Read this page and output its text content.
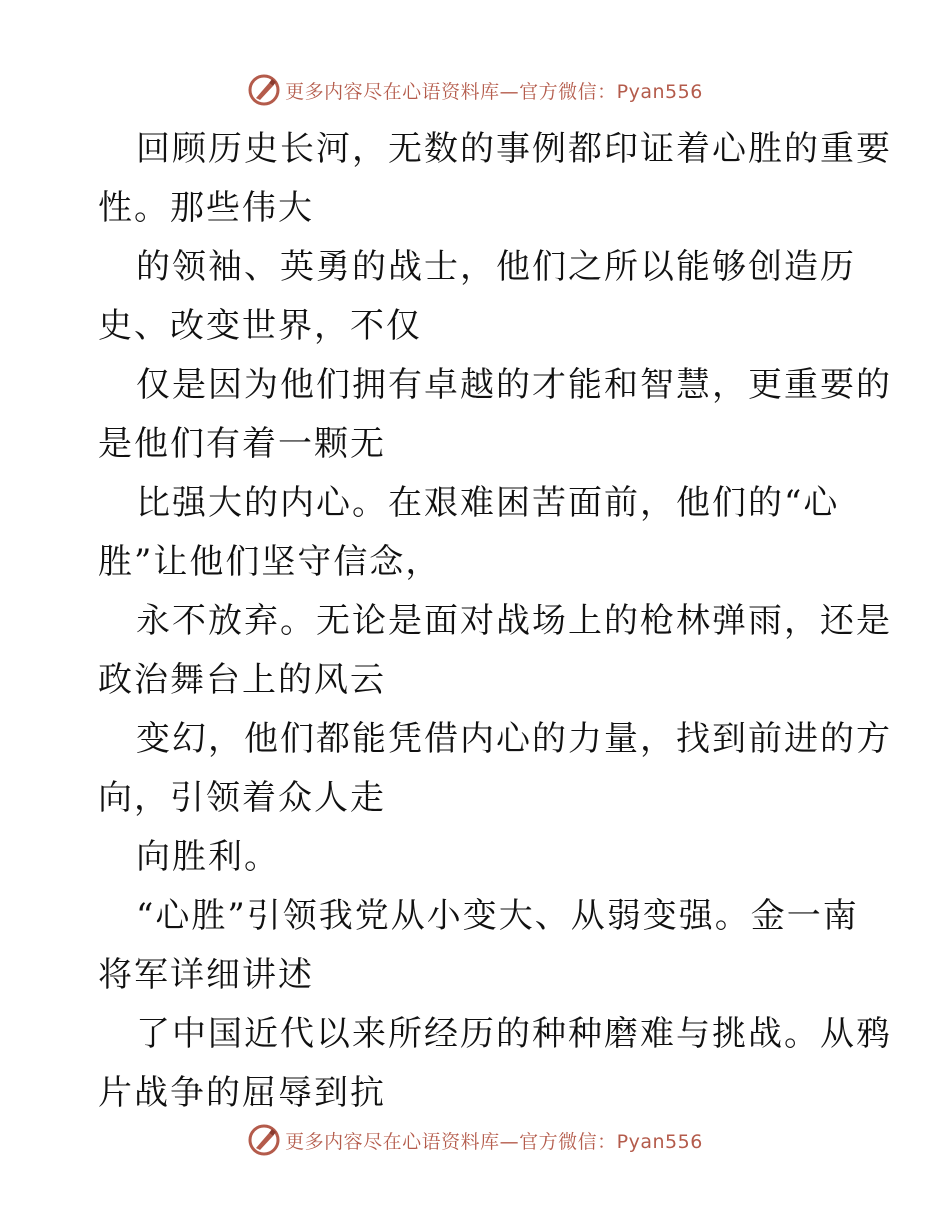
更多内容尽在心语资料库—官方微信：Pyan556

回顾历史长河，无数的事例都印证着心胜的重要
性。那些伟大

的领袖、英勇的战士，他们之所以能够创造历
史、改变世界，不仅

仅是因为他们拥有卓越的才能和智慧，更重要的
是他们有着一颗无

比强大的内心。在艰难困苦面前，他们的“心
胜”让他们坚守信念，

永不放弃。无论是面对战场上的枪林弹雨，还是
政治舞台上的风云

变幻，他们都能凭借内心的力量，找到前进的方
向，引领着众人走

向胜利。

“心胜”引领我党从小变大、从弱变强。金一南
将军详细讲述

了中国近代以来所经历的种种磨难与挑战。从鸦
片战争的屈辱到抗

更多内容尽在心语资料库—官方微信：Pyan556
